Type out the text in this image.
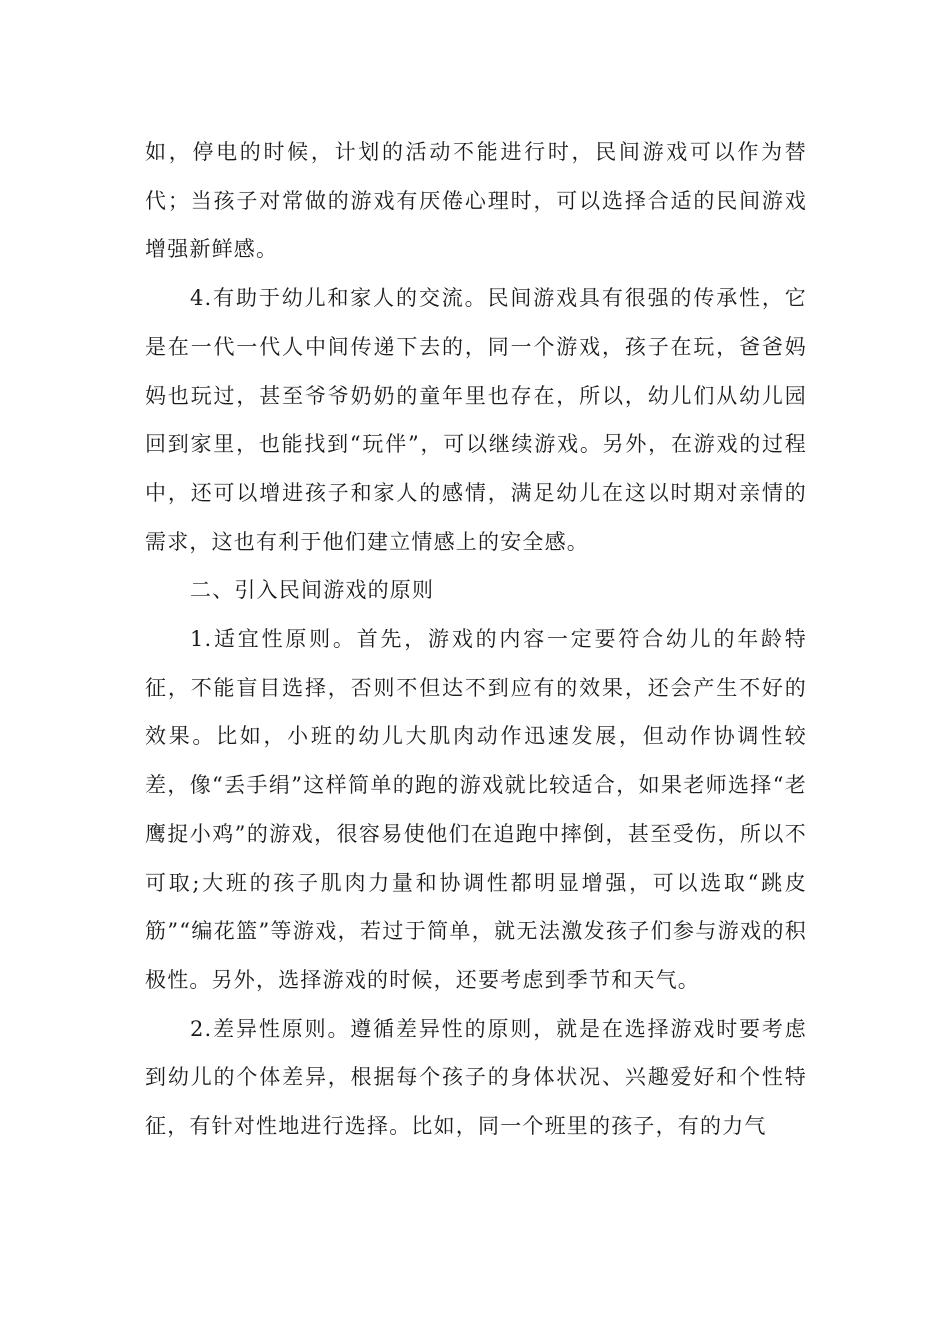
如，停电的时候，计划的活动不能进行时，民间游戏可以作为替代；当孩子对常做的游戏有厌倦心理时，可以选择合适的民间游戏增强新鲜感。

4.有助于幼儿和家人的交流。民间游戏具有很强的传承性，它是在一代一代人中间传递下去的，同一个游戏，孩子在玩，爸爸妈妈也玩过，甚至爷爷奶奶的童年里也存在，所以，幼儿们从幼儿园回到家里，也能找到“玩伴”，可以继续游戏。另外，在游戏的过程中，还可以增进孩子和家人的感情，满足幼儿在这以时期对亲情的需求，这也有利于他们建立情感上的安全感。

二、引入民间游戏的原则

1.适宜性原则。首先，游戏的内容一定要符合幼儿的年龄特征，不能盲目选择，否则不但达不到应有的效果，还会产生不好的效果。比如，小班的幼儿大肌肉动作迅速发展，但动作协调性较差，像“丢手绢”这样简单的跑的游戏就比较适合，如果老师选择“老鹰捉小鸡”的游戏，很容易使他们在追跑中摔倒，甚至受伤，所以不可取;大班的孩子肌肉力量和协调性都明显增强，可以选取“跳皮筋”“编花篮”等游戏，若过于简单，就无法激发孩子们参与游戏的积极性。另外，选择游戏的时候，还要考虑到季节和天气。

2.差异性原则。遵循差异性的原则，就是在选择游戏时要考虑到幼儿的个体差异，根据每个孩子的身体状况、兴趣爱好和个性特征，有针对性地进行选择。比如，同一个班里的孩子，有的力气
